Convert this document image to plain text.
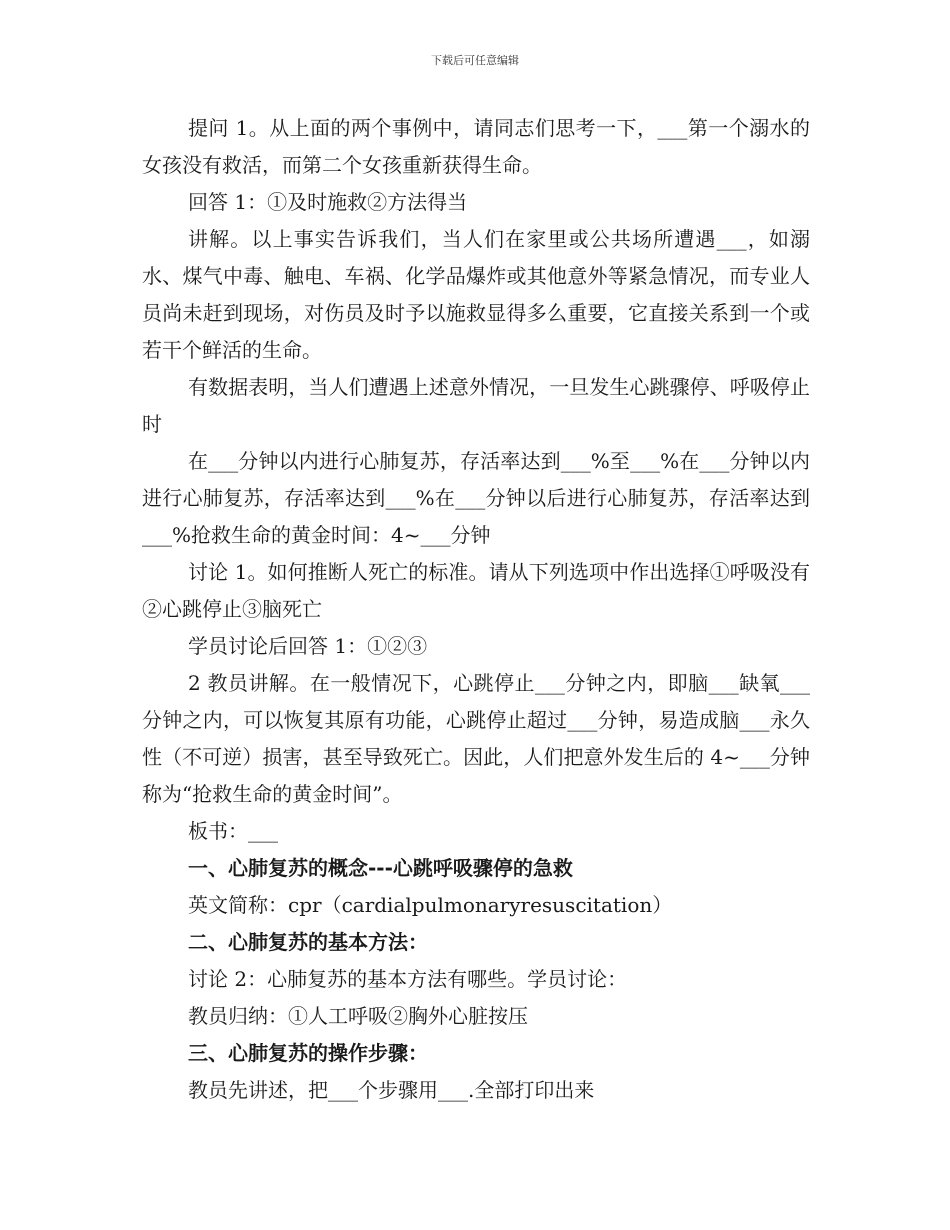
下载后可任意编辑

提问 1。从上面的两个事例中，请同志们思考一下，___第一个溺水的女孩没有救活，而第二个女孩重新获得生命。

回答 1：①及时施救②方法得当

讲解。以上事实告诉我们，当人们在家里或公共场所遭遇___，如溺水、煤气中毒、触电、车祸、化学品爆炸或其他意外等紧急情况，而专业人员尚未赶到现场，对伤员及时予以施救显得多么重要，它直接关系到一个或若干个鲜活的生命。

有数据表明，当人们遭遇上述意外情况，一旦发生心跳骤停、呼吸停止时

在___分钟以内进行心肺复苏，存活率达到___%至___%在___分钟以内进行心肺复苏，存活率达到___%在___分钟以后进行心肺复苏，存活率达到___%抢救生命的黄金时间：4~___分钟

讨论 1。如何推断人死亡的标准。请从下列选项中作出选择①呼吸没有②心跳停止③脑死亡

学员讨论后回答 1：①②③

2 教员讲解。在一般情况下，心跳停止___分钟之内，即脑___缺氧___分钟之内，可以恢复其原有功能，心跳停止超过___分钟，易造成脑___永久性（不可逆）损害，甚至导致死亡。因此，人们把意外发生后的 4~___分钟称为“抢救生命的黄金时间”。

板书：___

一、心肺复苏的概念---心跳呼吸骤停的急救

英文简称：cpr（cardialpulmonaryresuscitation）

二、心肺复苏的基本方法：

讨论 2：心肺复苏的基本方法有哪些。学员讨论：

教员归纳：①人工呼吸②胸外心脏按压

三、心肺复苏的操作步骤：

教员先讲述，把___个步骤用___.全部打印出来
